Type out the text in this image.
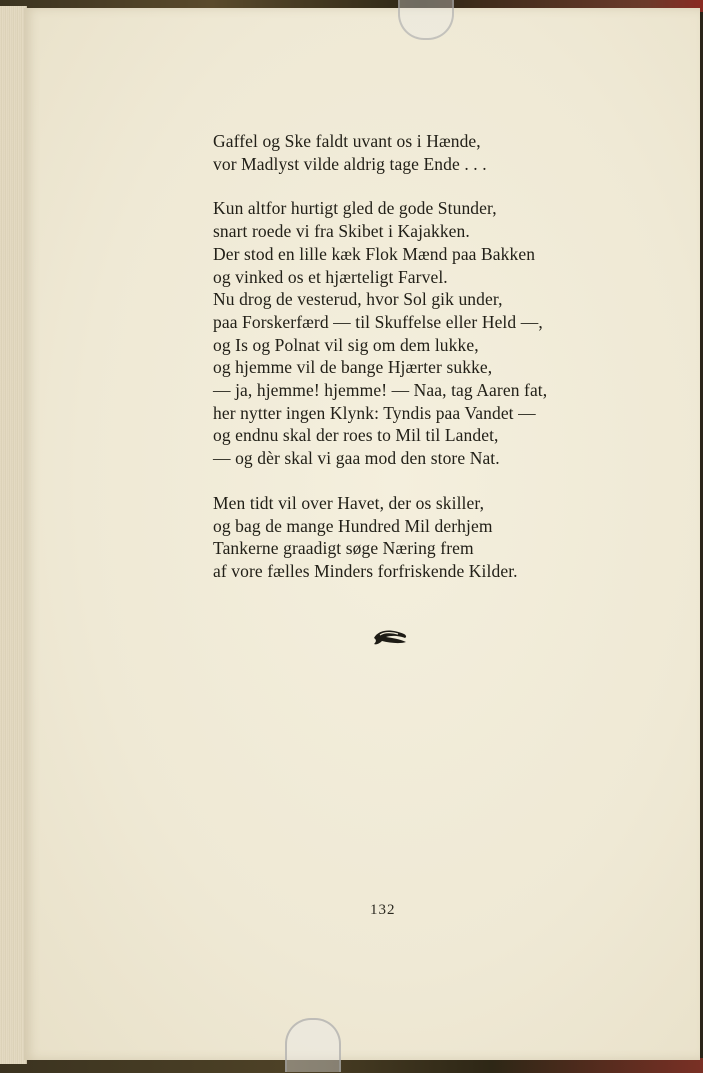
Gaffel og Ske faldt uvant os i Hænde,
vor Madlyst vilde aldrig tage Ende . . .
Kun altfor hurtigt gled de gode Stunder,
snart roede vi fra Skibet i Kajakken.
Der stod en lille kæk Flok Mænd paa Bakken
og vinked os et hjærteligt Farvel.
Nu drog de vesterud, hvor Sol gik under,
paa Forskerfærd — til Skuffelse eller Held —,
og Is og Polnat vil sig om dem lukke,
og hjemme vil de bange Hjærter sukke,
— ja, hjemme! hjemme! — Naa, tag Aaren fat,
her nytter ingen Klynk: Tyndis paa Vandet —
og endnu skal der roes to Mil til Landet,
— og dèr skal vi gaa mod den store Nat.
Men tidt vil over Havet, der os skiller,
og bag de mange Hundred Mil derhjem
Tankerne graadigt søge Næring frem
af vore fælles Minders forfriskende Kilder.
132
